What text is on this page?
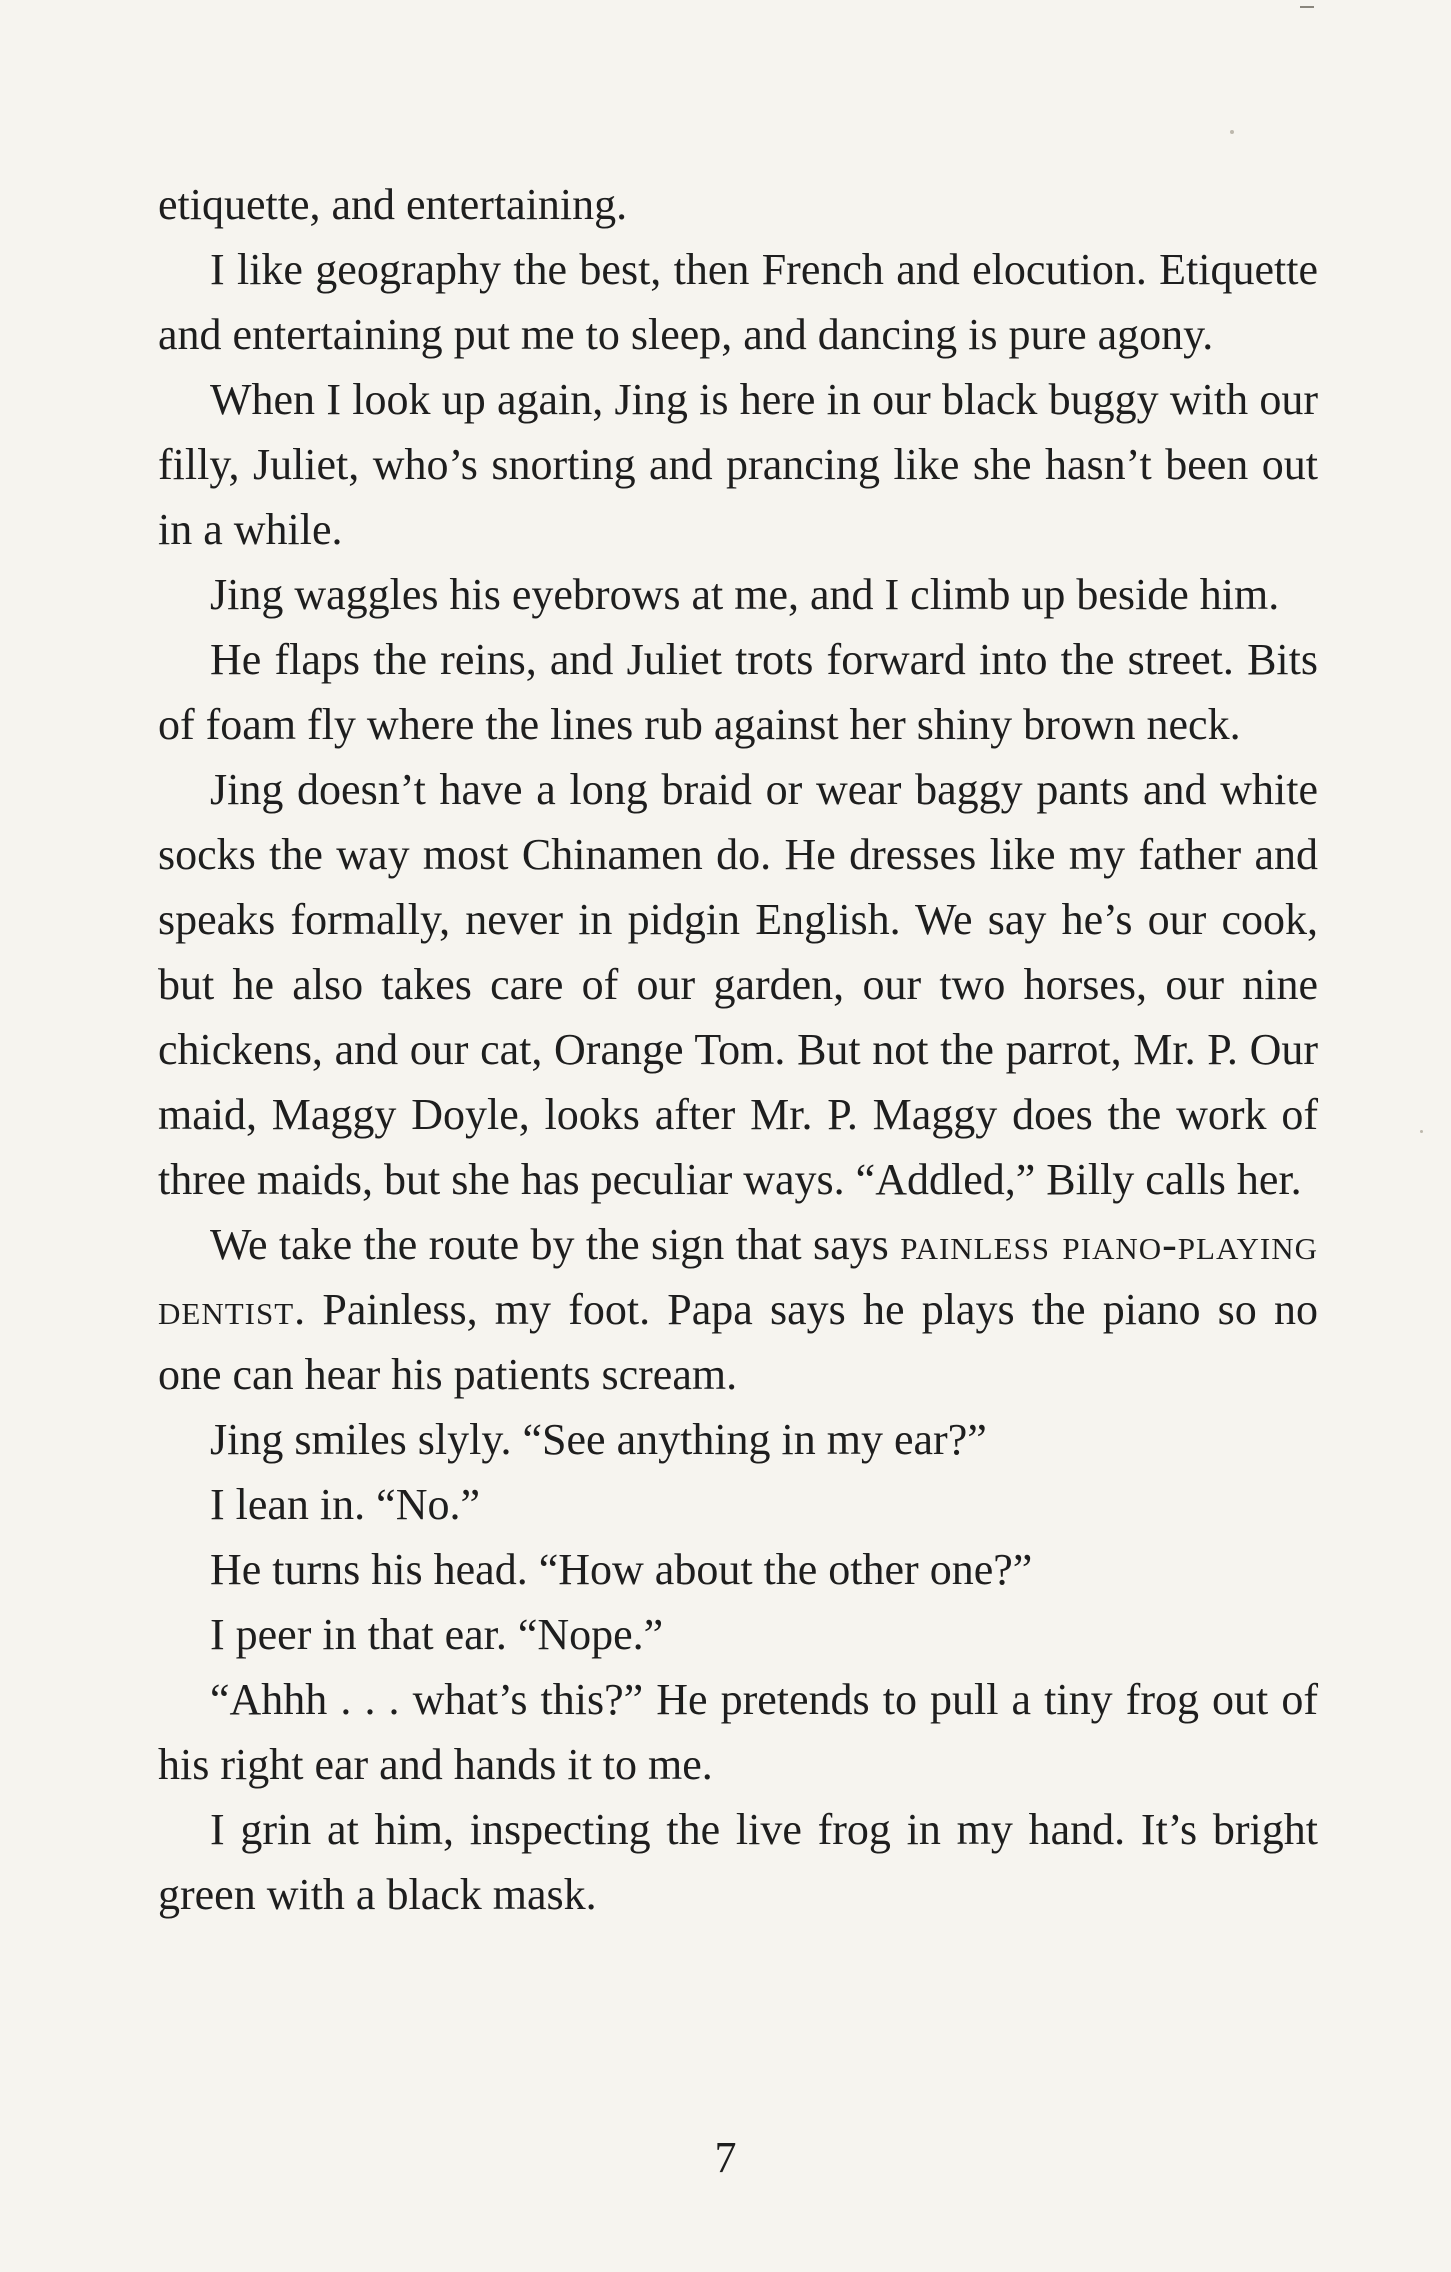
etiquette, and entertaining.

I like geography the best, then French and elocution. Etiquette and entertaining put me to sleep, and dancing is pure agony.

When I look up again, Jing is here in our black buggy with our filly, Juliet, who’s snorting and prancing like she hasn’t been out in a while.

Jing waggles his eyebrows at me, and I climb up beside him.

He flaps the reins, and Juliet trots forward into the street. Bits of foam fly where the lines rub against her shiny brown neck.

Jing doesn’t have a long braid or wear baggy pants and white socks the way most Chinamen do. He dresses like my father and speaks formally, never in pidgin English. We say he’s our cook, but he also takes care of our garden, our two horses, our nine chickens, and our cat, Orange Tom. But not the parrot, Mr. P. Our maid, Maggy Doyle, looks after Mr. P. Maggy does the work of three maids, but she has peculiar ways. “Addled,” Billy calls her.

We take the route by the sign that says painless piano-playing dentist. Painless, my foot. Papa says he plays the piano so no one can hear his patients scream.

Jing smiles slyly. “See anything in my ear?”

I lean in. “No.”

He turns his head. “How about the other one?”

I peer in that ear. “Nope.”

“Ahhh . . . what’s this?” He pretends to pull a tiny frog out of his right ear and hands it to me.

I grin at him, inspecting the live frog in my hand. It’s bright green with a black mask.

7
